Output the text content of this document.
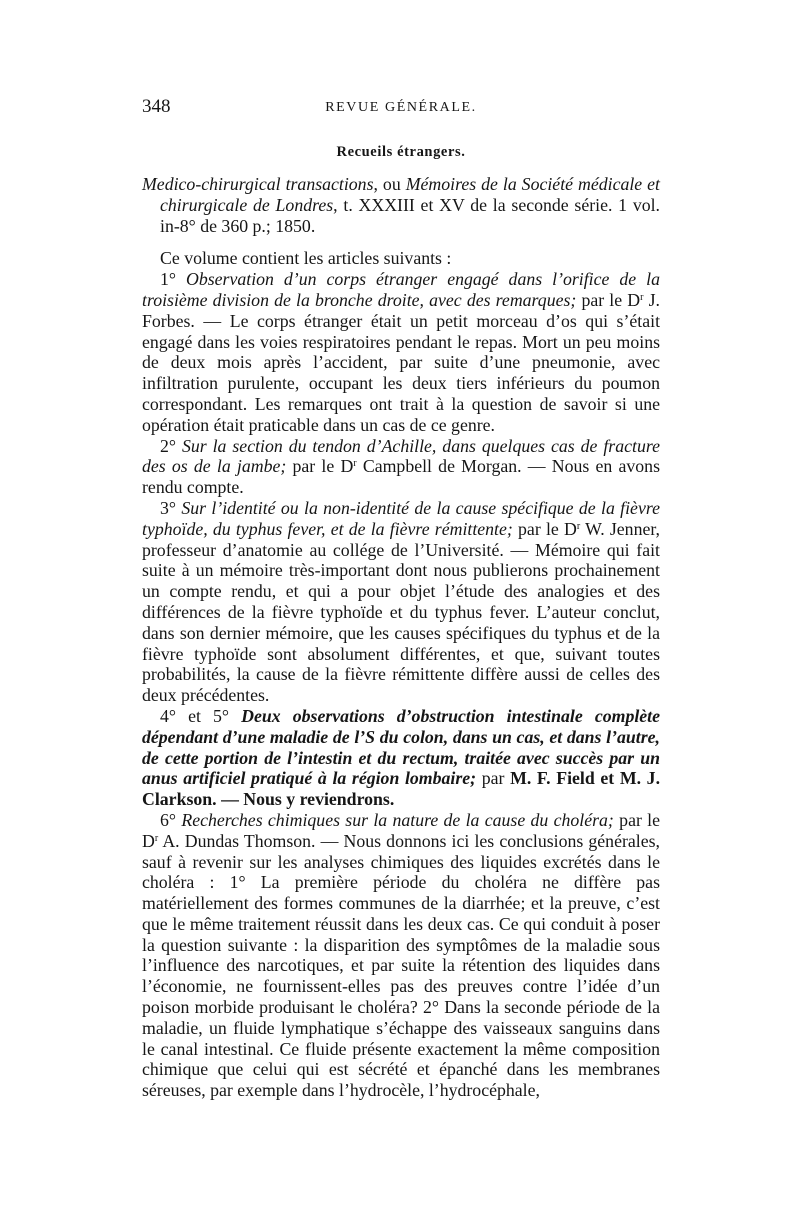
348	REVUE GÉNÉRALE.
Recueils étrangers.

Medico-chirurgical transactions, ou Mémoires de la Société médicale et chirurgicale de Londres, t. XXXIII et XV de la seconde série. 1 vol. in-8° de 360 p.; 1850.

Ce volume contient les articles suivants :

1° Observation d’un corps étranger engagé dans l’orifice de la troisième division de la bronche droite, avec des remarques; par le $D^r$ J. Forbes. — Le corps étranger était un petit morceau d’os qui s’était engagé dans les voies respiratoires pendant le repas. Mort un peu moins de deux mois après l’accident, par suite d’une pneumonie, avec infiltration purulente, occupant les deux tiers inférieurs du poumon correspondant. Les remarques ont trait à la question de savoir si une opération était praticable dans un cas de ce genre.

2° Sur la section du tendon d’Achille, dans quelques cas de fracture des os de la jambe; par le $D^r$ Campbell de Morgan. — Nous en avons rendu compte.

3° Sur l’identité ou la non-identité de la cause spécifique de la fièvre typhoïde, du typhus fever, et de la fièvre rémittente; par le $D^r$ W. Jenner, professeur d’anatomie au collége de l’Université. — Mémoire qui fait suite à un mémoire très-important dont nous publierons prochainement un compte rendu, et qui a pour objet l’étude des analogies et des différences de la fièvre typhoïde et du typhus fever. L’auteur conclut, dans son dernier mémoire, que les causes spécifiques du typhus et de la fièvre typhoïde sont absolument différentes, et que, suivant toutes probabilités, la cause de la fièvre rémittente diffère aussi de celles des deux précédentes.

4° et 5° Deux observations d’obstruction intestinale complète dépendant d’une maladie de l’S du colon, dans un cas, et dans l’autre, de cette portion de l’intestin et du rectum, traitée avec succès par un anus artificiel pratiqué à la région lombaire; par M. F. Field et M. J. Clarkson. — Nous y reviendrons.

6° Recherches chimiques sur la nature de la cause du choléra; par le $D^r$ A. Dundas Thomson. — Nous donnons ici les conclusions générales, sauf à revenir sur les analyses chimiques des liquides excrétés dans le choléra : 1° La première période du choléra ne diffère pas matériellement des formes communes de la diarrhée; et la preuve, c’est que le même traitement réussit dans les deux cas. Ce qui conduit à poser la question suivante : la disparition des symptômes de la maladie sous l’influence des narcotiques, et par suite la rétention des liquides dans l’économie, ne fournissent-elles pas des preuves contre l’idée d’un poison morbide produisant le choléra? 2° Dans la seconde période de la maladie, un fluide lymphatique s’échappe des vaisseaux sanguins dans le canal intestinal. Ce fluide présente exactement la même composition chimique que celui qui est sécrété et épanché dans les membranes séreuses, par exemple dans l’hydrocèle, l’hydrocéphale,
